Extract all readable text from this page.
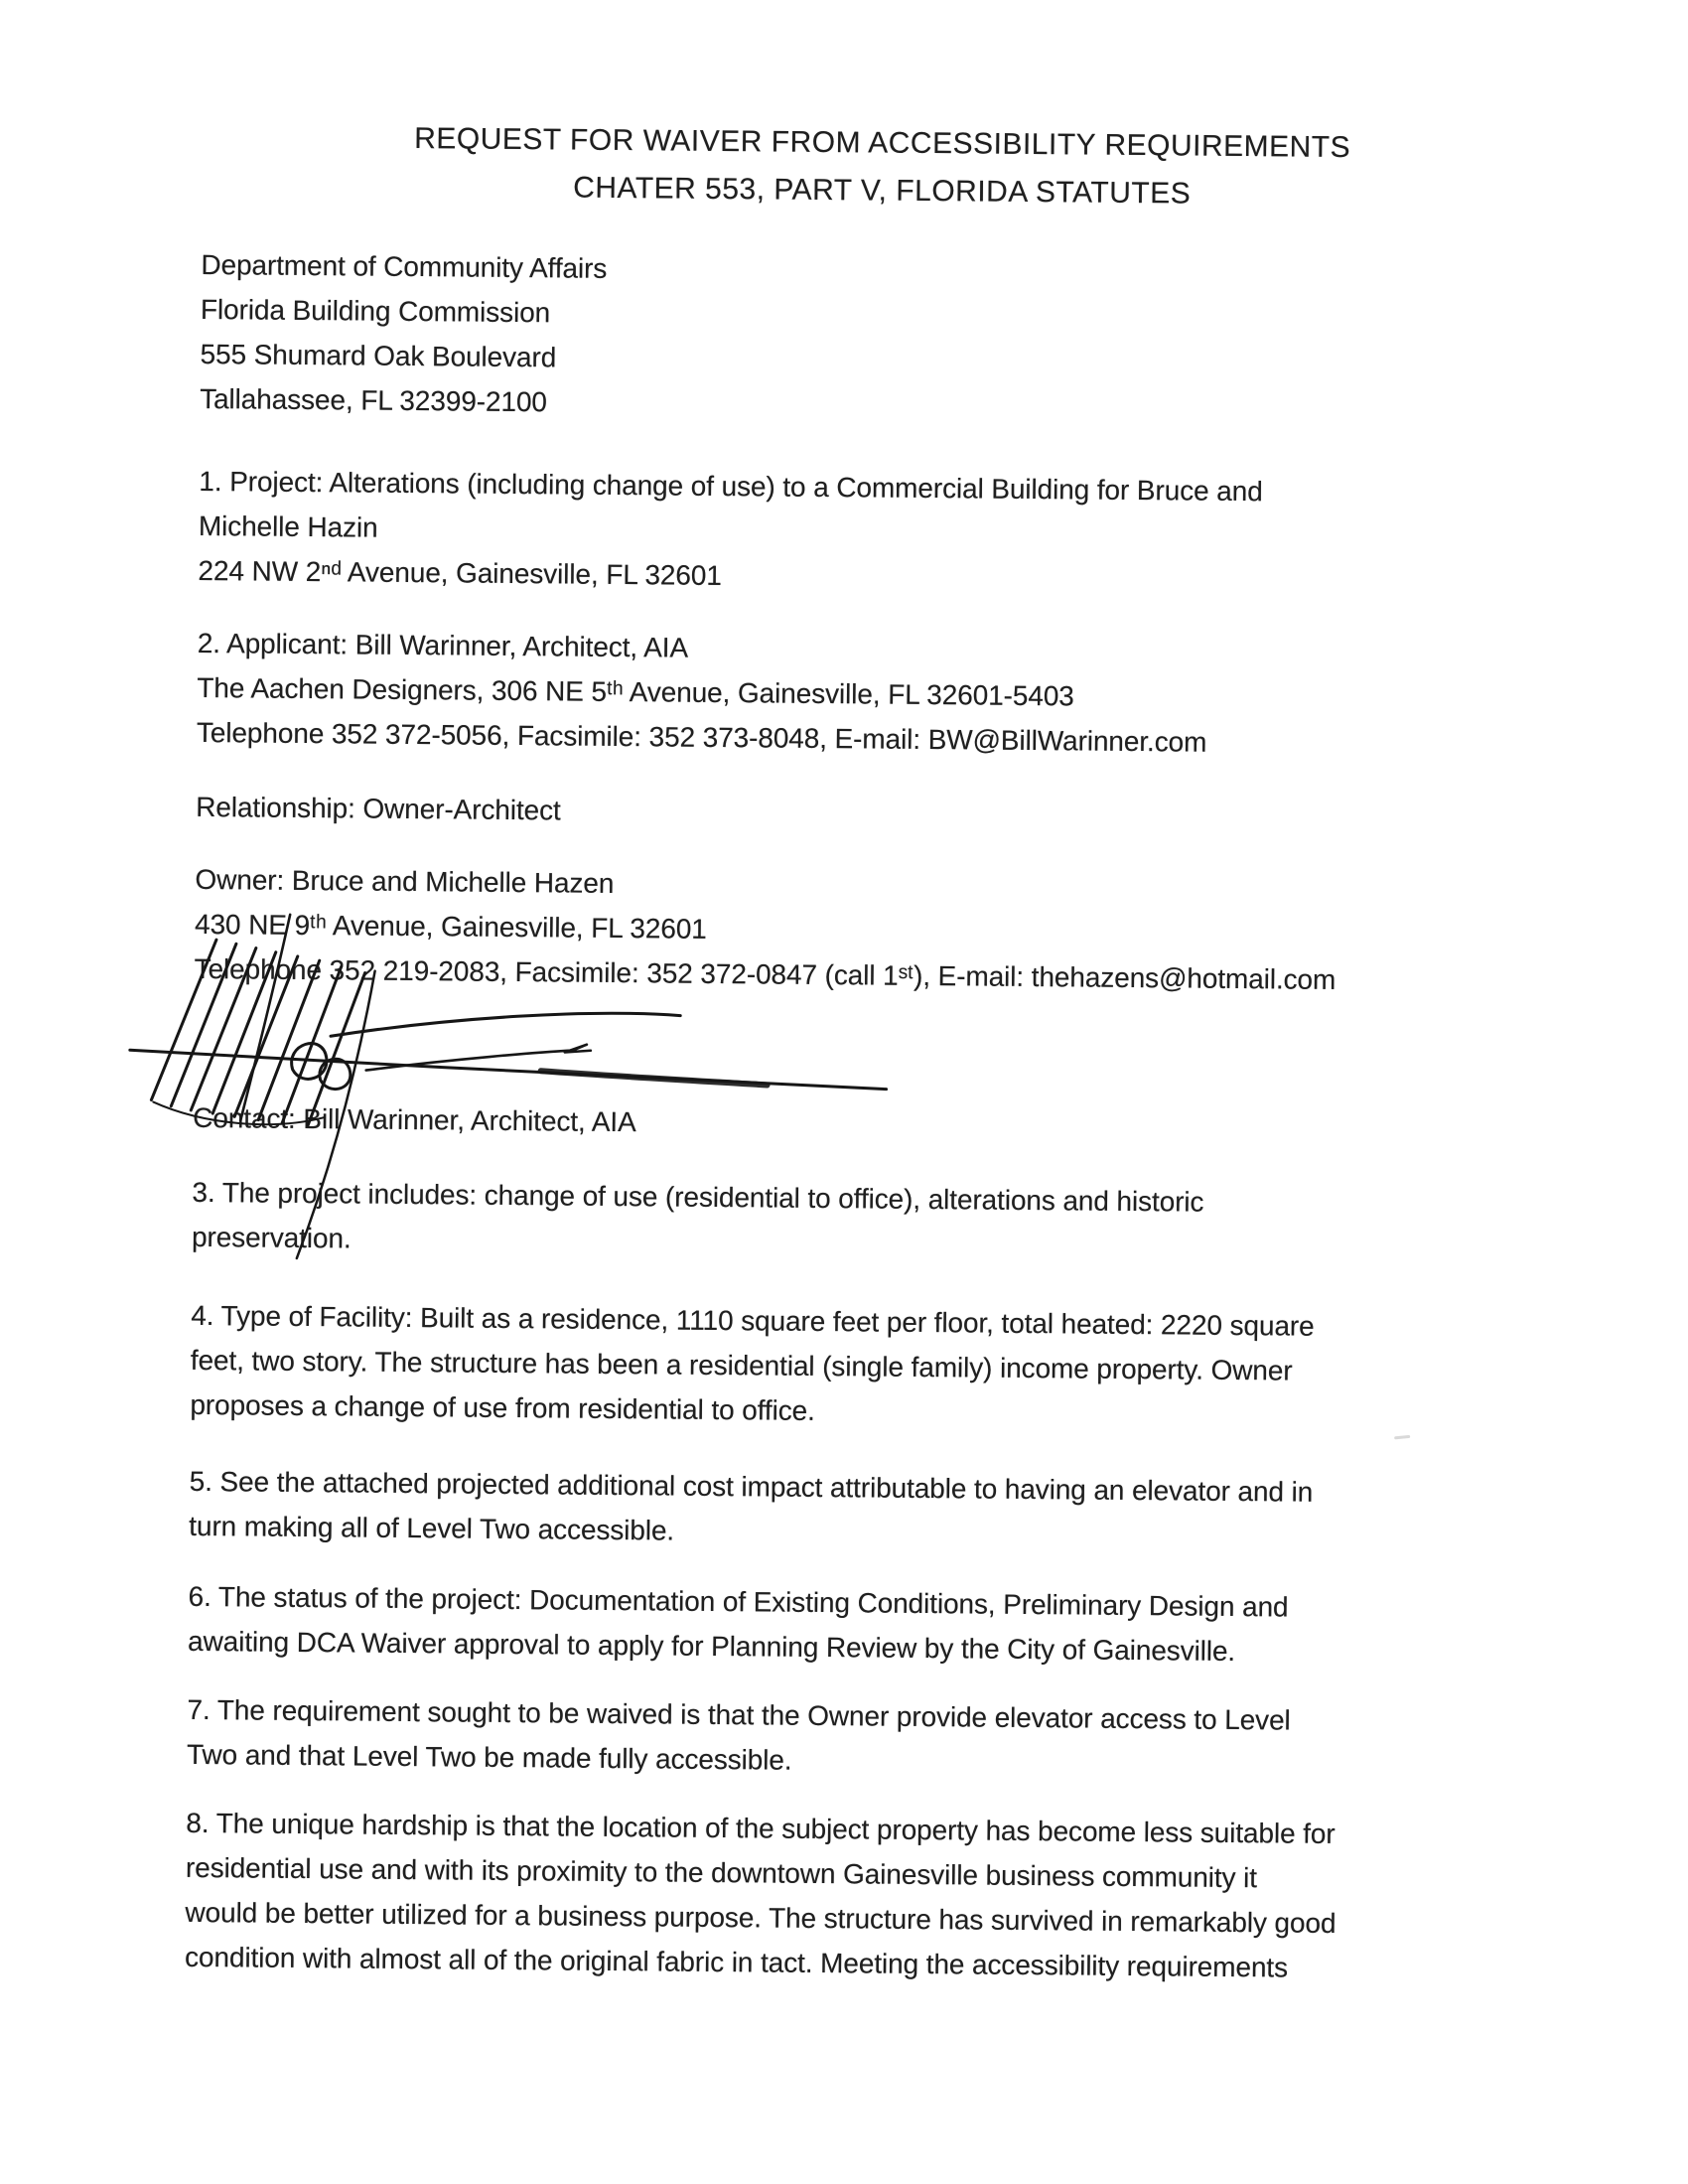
REQUEST FOR WAIVER FROM ACCESSIBILITY REQUIREMENTS
CHATER 553, PART V, FLORIDA STATUTES
Department of Community Affairs
Florida Building Commission
555 Shumard Oak Boulevard
Tallahassee, FL 32399-2100
1. Project: Alterations (including change of use) to a Commercial Building for Bruce and
Michelle Hazin
224 NW 2ⁿᵈ Avenue, Gainesville, FL 32601
2. Applicant: Bill Warinner, Architect, AIA
The Aachen Designers, 306 NE 5ᵗʰ Avenue, Gainesville, FL 32601-5403
Telephone 352 372-5056, Facsimile: 352 373-8048, E-mail: BW@BillWarinner.com
Relationship: Owner-Architect
Owner: Bruce and Michelle Hazen
430 NE 9ᵗʰ Avenue, Gainesville, FL 32601
Telephone 352 219-2083, Facsimile: 352 372-0847 (call 1ˢᵗ), E-mail: thehazens@hotmail.com
Contact: Bill Warinner, Architect, AIA
3. The project includes: change of use (residential to office), alterations and historic
preservation.
4. Type of Facility: Built as a residence, 1110 square feet per floor, total heated: 2220 square
feet, two story. The structure has been a residential (single family) income property. Owner
proposes a change of use from residential to office.
5. See the attached projected additional cost impact attributable to having an elevator and in
turn making all of Level Two accessible.
6. The status of the project: Documentation of Existing Conditions, Preliminary Design and
awaiting DCA Waiver approval to apply for Planning Review by the City of Gainesville.
7. The requirement sought to be waived is that the Owner provide elevator access to Level
Two and that Level Two be made fully accessible.
8. The unique hardship is that the location of the subject property has become less suitable for
residential use and with its proximity to the downtown Gainesville business community it
would be better utilized for a business purpose. The structure has survived in remarkably good
condition with almost all of the original fabric in tact. Meeting the accessibility requirements
